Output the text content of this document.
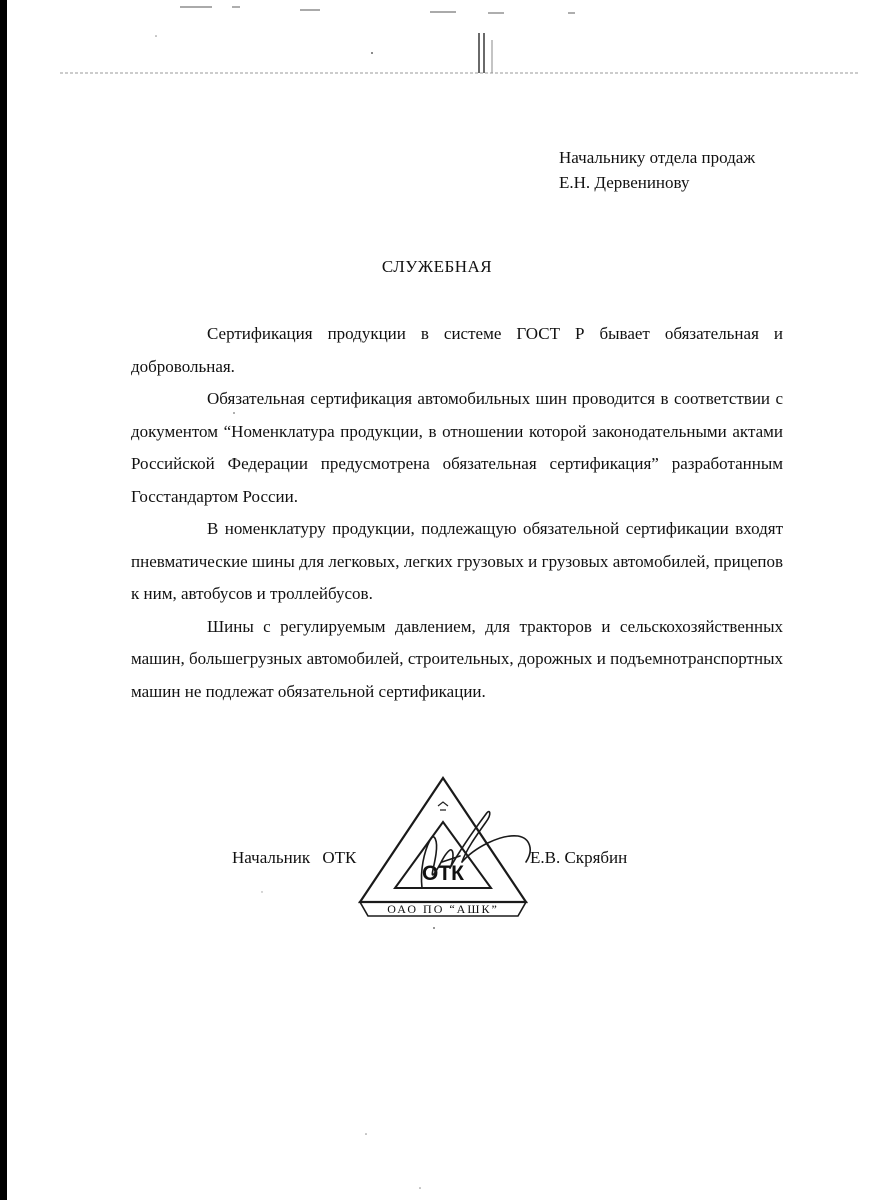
Начальнику отдела продаж
Е.Н. Дервенинову
СЛУЖЕБНАЯ

Сертификация продукции в системе ГОСТ Р бывает обязательная и добровольная.

Обязательная сертификация автомобильных шин проводится в соответствии с документом “Номенклатура продукции, в отношении которой законодательными актами Российской Федерации предусмотрена обязательная сертификация” разработанным Госстандартом России.

В номенклатуру продукции, подлежащую обязательной сертификации входят пневматические шины для легковых, легких грузовых и грузовых автомобилей, прицепов к ним, автобусов и троллейбусов.

Шины с регулируемым давлением, для тракторов и сельскохозяйственных машин, большегрузных автомобилей, строительных, дорожных и подъемнотранспортных машин не подлежат обязательной сертификации.

Начальник ОТК	Е.В. Скрябин
ОТК
ОАО ПО “АШК”
